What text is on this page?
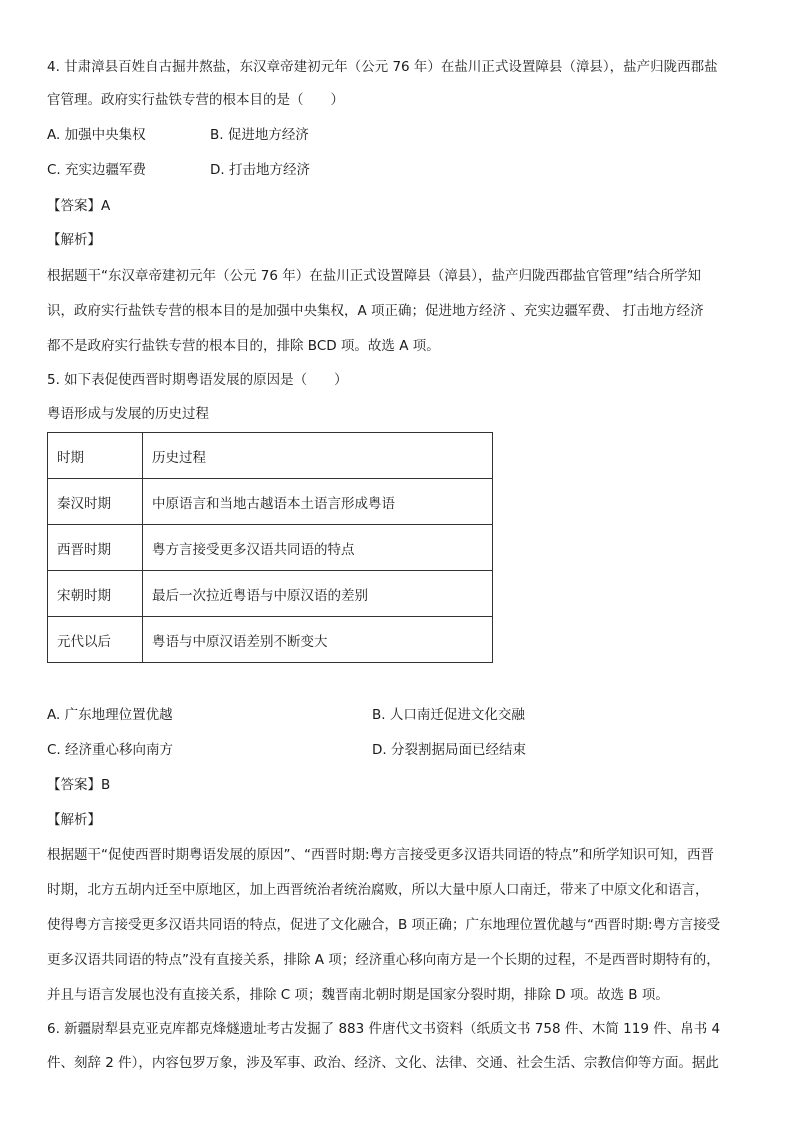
4. 甘肃漳县百姓自古掘井熬盐，东汉章帝建初元年（公元 76 年）在盐川正式设置障县（漳县），盐产归陇西郡盐
官管理。政府实行盐铁专营的根本目的是（　　）
A. 加强中央集权	B. 促进地方经济
C. 充实边疆军费	D. 打击地方经济
【答案】A
【解析】
根据题干“东汉章帝建初元年（公元 76 年）在盐川正式设置障县（漳县），盐产归陇西郡盐官管理”结合所学知
识，政府实行盐铁专营的根本目的是加强中央集权，A 项正确；促进地方经济 、充实边疆军费、 打击地方经济
都不是政府实行盐铁专营的根本目的，排除 BCD 项。故选 A 项。
5. 如下表促使西晋时期粤语发展的原因是（　　）
粤语形成与发展的历史过程
时期	历史过程
秦汉时期	中原语言和当地古越语本土语言形成粤语
西晋时期	粤方言接受更多汉语共同语的特点
宋朝时期	最后一次拉近粤语与中原汉语的差别
元代以后	粤语与中原汉语差别不断变大
A. 广东地理位置优越	B. 人口南迁促进文化交融
C. 经济重心移向南方	D. 分裂割据局面已经结束
【答案】B
【解析】
根据题干“促使西晋时期粤语发展的原因”、“西晋时期:粤方言接受更多汉语共同语的特点”和所学知识可知，西晋
时期，北方五胡内迁至中原地区，加上西晋统治者统治腐败，所以大量中原人口南迁，带来了中原文化和语言，
使得粤方言接受更多汉语共同语的特点，促进了文化融合，B 项正确；广东地理位置优越与“西晋时期:粤方言接受
更多汉语共同语的特点”没有直接关系，排除 A 项；经济重心移向南方是一个长期的过程，不是西晋时期特有的，
并且与语言发展也没有直接关系，排除 C 项；魏晋南北朝时期是国家分裂时期，排除 D 项。故选 B 项。
6. 新疆尉犁县克亚克库都克烽燧遗址考古发掘了 883 件唐代文书资料（纸质文书 758 件、木简 119 件、帛书 4
件、刻辞 2 件），内容包罗万象，涉及军事、政治、经济、文化、法律、交通、社会生活、宗教信仰等方面。据此
